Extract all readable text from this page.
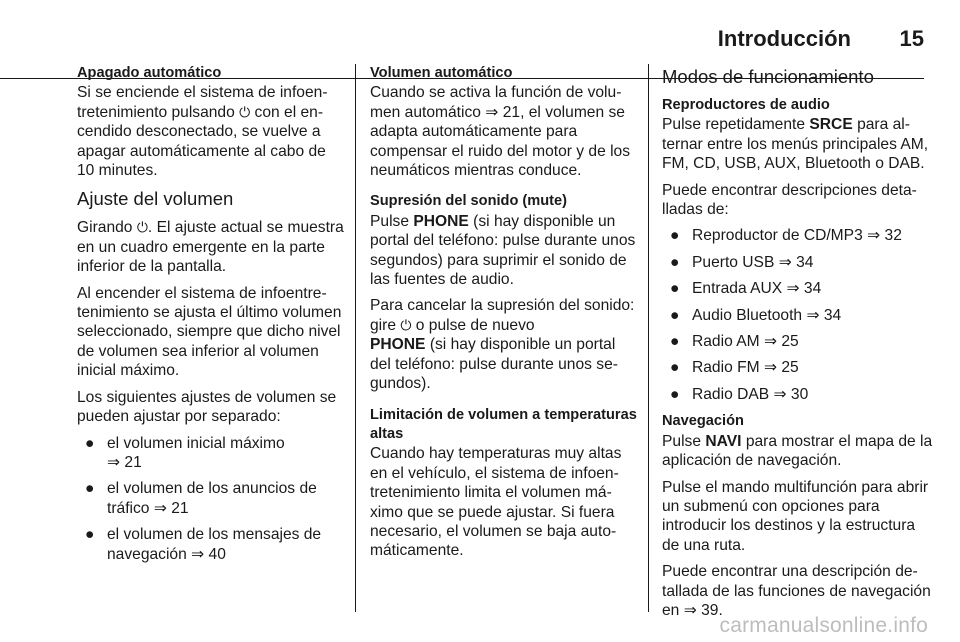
Introducción 15
Apagado automático

Si se enciende el sistema de infoentretenimiento pulsando ⏻ con el encendido desconectado, se vuelve a apagar automáticamente al cabo de 10 minutes.

Ajuste del volumen

Girando ⏻. El ajuste actual se muestra en un cuadro emergente en la parte inferior de la pantalla.

Al encender el sistema de infoentretenimiento se ajusta el último volumen seleccionado, siempre que dicho nivel de volumen sea inferior al volumen inicial máximo.

Los siguientes ajustes de volumen se pueden ajustar por separado:

● el volumen inicial máximo
⇒ 21
● el volumen de los anuncios de tráfico ⇒ 21
● el volumen de los mensajes de navegación ⇒ 40
Volumen automático

Cuando se activa la función de volumen automático ⇒ 21, el volumen se adapta automáticamente para compensar el ruido del motor y de los neumáticos mientras conduce.

Supresión del sonido (mute)

Pulse PHONE (si hay disponible un portal del teléfono: pulse durante unos segundos) para suprimir el sonido de las fuentes de audio.

Para cancelar la supresión del sonido: gire ⏻ o pulse de nuevo
PHONE (si hay disponible un portal del teléfono: pulse durante unos segundos).

Limitación de volumen a temperaturas altas

Cuando hay temperaturas muy altas en el vehículo, el sistema de infoentretenimiento limita el volumen máximo que se puede ajustar. Si fuera necesario, el volumen se baja automáticamente.

Modos de funcionamiento
Reproductores de audio

Pulse repetidamente SRCE para alternar entre los menús principales AM, FM, CD, USB, AUX, Bluetooth o DAB.

Puede encontrar descripciones detalladas de:

● Reproductor de CD/MP3 ⇒ 32
● Puerto USB ⇒ 34
● Entrada AUX ⇒ 34
● Audio Bluetooth ⇒ 34
● Radio AM ⇒ 25
● Radio FM ⇒ 25
● Radio DAB ⇒ 30
Navegación

Pulse NAVI para mostrar el mapa de la aplicación de navegación.

Pulse el mando multifunción para abrir un submenú con opciones para introducir los destinos y la estructura de una ruta.

Puede encontrar una descripción detallada de las funciones de navegación en ⇒ 39.

carmanualsonline.info
